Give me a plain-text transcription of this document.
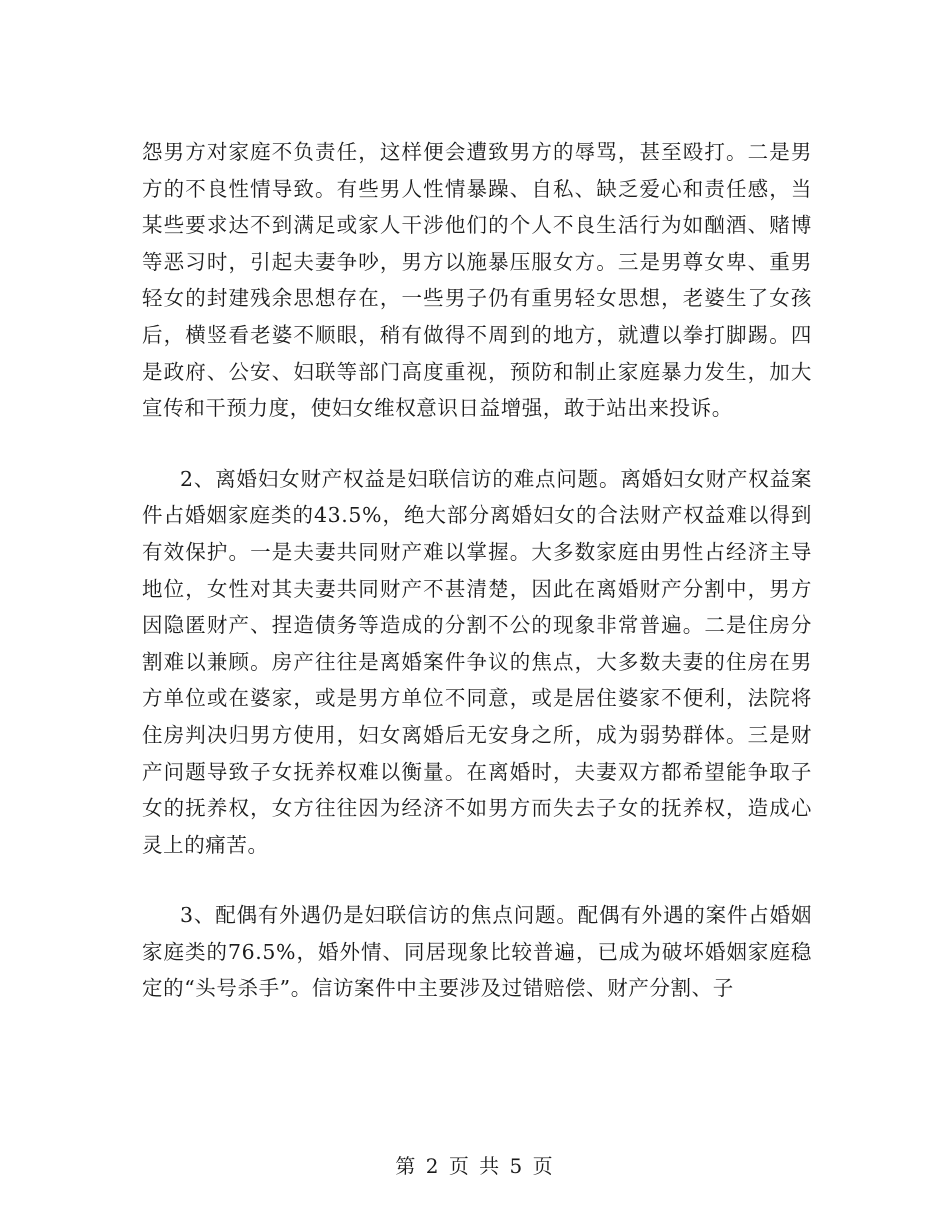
怨男方对家庭不负责任，这样便会遭致男方的辱骂，甚至殴打。二是男方的不良性情导致。有些男人性情暴躁、自私、缺乏爱心和责任感，当某些要求达不到满足或家人干涉他们的个人不良生活行为如酗酒、赌博等恶习时，引起夫妻争吵，男方以施暴压服女方。三是男尊女卑、重男轻女的封建残余思想存在，一些男子仍有重男轻女思想，老婆生了女孩后，横竖看老婆不顺眼，稍有做得不周到的地方，就遭以拳打脚踢。四是政府、公安、妇联等部门高度重视，预防和制止家庭暴力发生，加大宣传和干预力度，使妇女维权意识日益增强，敢于站出来投诉。

2、离婚妇女财产权益是妇联信访的难点问题。离婚妇女财产权益案件占婚姻家庭类的43.5%，绝大部分离婚妇女的合法财产权益难以得到有效保护。一是夫妻共同财产难以掌握。大多数家庭由男性占经济主导地位，女性对其夫妻共同财产不甚清楚，因此在离婚财产分割中，男方因隐匿财产、捏造债务等造成的分割不公的现象非常普遍。二是住房分割难以兼顾。房产往往是离婚案件争议的焦点，大多数夫妻的住房在男方单位或在婆家，或是男方单位不同意，或是居住婆家不便利，法院将住房判决归男方使用，妇女离婚后无安身之所，成为弱势群体。三是财产问题导致子女抚养权难以衡量。在离婚时，夫妻双方都希望能争取子女的抚养权，女方往往因为经济不如男方而失去子女的抚养权，造成心灵上的痛苦。

3、配偶有外遇仍是妇联信访的焦点问题。配偶有外遇的案件占婚姻家庭类的76.5%，婚外情、同居现象比较普遍，已成为破坏婚姻家庭稳定的“头号杀手”。信访案件中主要涉及过错赔偿、财产分割、子

第 2 页 共 5 页
